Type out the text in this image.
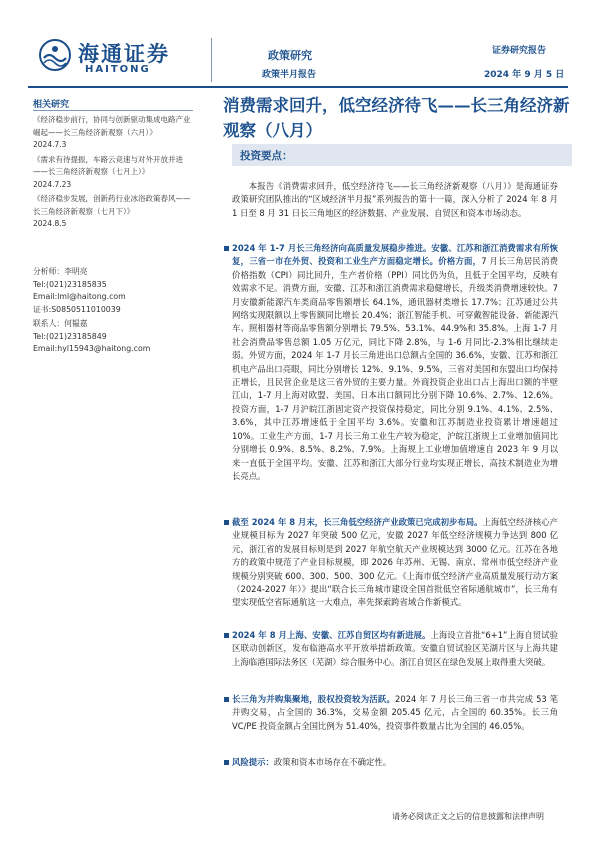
海通证券
HAITONG
政策研究
政策半月报告
证券研究报告
2024 年 9 月 5 日
相关研究
《经济稳步前行，协同与创新驱动集成电路产业崛起——长三角经济新观察（六月）》
2024.7.3
《需求有待提振，车路云竞速与对外开放并进——长三角经济新观察（七月上）》
2024.7.23
《经济稳步发展，创新药行业冰浴政策春风——长三角经济新观察（七月下）》
2024.8.5
分析师：李明亮
Tel:(021)23185835
Email:lml@haitong.com
证书:S0850511010039
联系人：何韫嘉
Tel:(021)23185849
Email:hyl15943@haitong.com
消费需求回升，低空经济待飞——长三角经济新观察（八月）
投资要点：
本报告《消费需求回升，低空经济待飞——长三角经济新观察（八月）》是海通证券政策研究团队推出的“区域经济半月报”系列报告的第十一篇，深入分析了 2024 年 8 月 1 日至 8 月 31 日长三角地区的经济数据、产业发展、自贸区和资本市场动态。
2024 年 1-7 月长三角经济向高质量发展稳步推进。安徽、江苏和浙江消费需求有所恢复，三省一市在外贸、投资和工业生产方面稳定增长。价格方面，7 月长三角居民消费价格指数（CPI）同比回升，生产者价格（PPI）同比仍为负，且低于全国平均，反映有效需求不足。消费方面，安徽、江苏和浙江消费需求稳健增长，升级类消费增速较快。7 月安徽新能源汽车类商品零售额增长 64.1%，通讯器材类增长 17.7%；江苏通过公共网络实现限额以上零售额同比增长 20.4%；浙江智能手机、可穿戴智能设备、新能源汽车、照相器材等商品零售额分别增长 79.5%、53.1%、44.9%和 35.8%。上海 1-7 月社会消费品零售总额 1.05 万亿元，同比下降 2.8%，与 1-6 月同比-2.3%相比继续走弱。外贸方面，2024 年 1-7 月长三角进出口总额占全国的 36.6%，安徽、江苏和浙江机电产品出口亮眼，同比分别增长 12%、9.1%、9.5%，三省对美国和东盟出口均保持正增长，且民营企业是这三省外贸的主要力量。外商投资企业出口占上海出口额的半壁江山，1-7 月上海对欧盟、美国、日本出口额同比分别下降 10.6%、2.7%、12.6%。投资方面，1-7 月沪皖江浙固定资产投资保持稳定，同比分别 9.1%、4.1%、2.5%、3.6%，其中江苏增速低于全国平均 3.6%。安徽和江苏制造业投资累计增速超过 10%。工业生产方面，1-7 月长三角工业生产较为稳定，沪皖江浙规上工业增加值同比分别增长 0.9%、8.5%、8.2%、7.9%。上海规上工业增加值增速自 2023 年 9 月以来一直低于全国平均。安徽、江苏和浙江大部分行业均实现正增长，高技术制造业为增长亮点。
截至 2024 年 8 月末，长三角低空经济产业政策已完成初步布局。上海低空经济核心产业规模目标为 2027 年突破 500 亿元，安徽 2027 年低空经济规模力争达到 800 亿元，浙江省的发展目标则是到 2027 年航空航天产业规模达到 3000 亿元。江苏在各地方的政策中规范了产业目标规模，即 2026 年苏州、无锡、南京、常州市低空经济产业规模分别突破 600、300、500、300 亿元。《上海市低空经济产业高质量发展行动方案（2024-2027 年）》提出“联合长三角城市建设全国首批低空省际通航城市”，长三角有望实现低空省际通航这一大难点，率先探索跨省域合作新模式。
2024 年 8 月上海、安徽、江苏自贸区均有新进展。上海设立首批“6+1”上海自贸试验区联动创新区，发布临港高水平开放举措新政策。安徽自贸试验区芜湖片区与上海共建上海临港国际法务区（芜湖）综合服务中心。浙江自贸区在绿色发展上取得重大突破。
长三角为并购集聚地，股权投资较为活跃。2024 年 7 月长三角三省一市共完成 53 笔并购交易，占全国的 36.3%，交易金额 205.45 亿元，占全国的 60.35%。长三角 VC/PE 投资金额占全国比例为 51.40%，投资事件数量占比为全国的 46.05%。
风险提示：政策和资本市场存在不确定性。
请务必阅读正文之后的信息披露和法律声明
